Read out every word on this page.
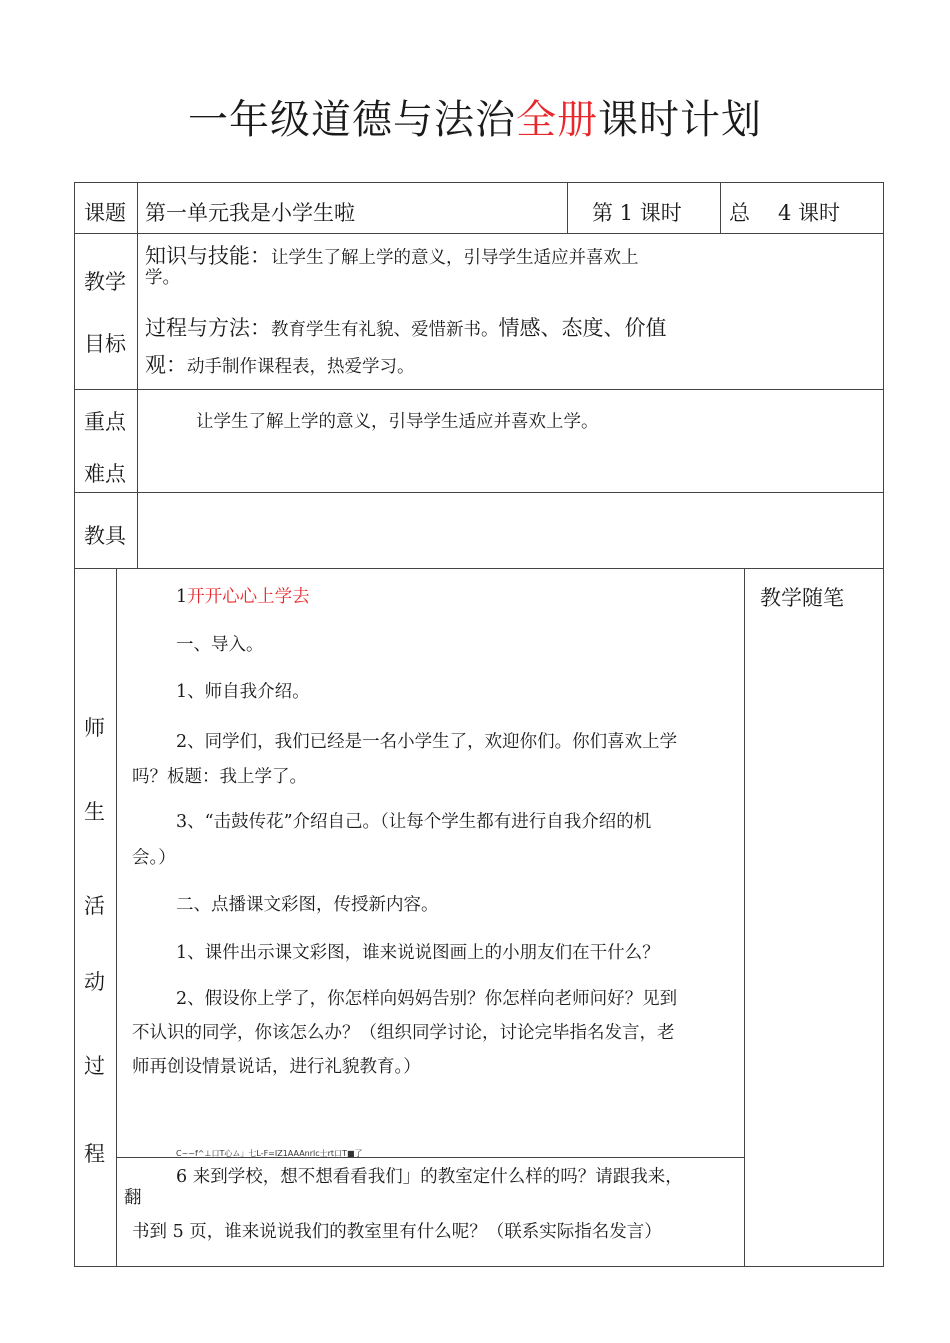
一年级道德与法治全册课时计划
课题 第一单元我是小学生啦	第 1 课时 总 4 课时
教学
目标
知识与技能：让学生了解上学的意义，引导学生适应并喜欢上
学。
过程与方法：教育学生有礼貌、爱惜新书。情感、态度、价值
观：动手制作课程表，热爱学习。
重点
难点
让学生了解上学的意义，引导学生适应并喜欢上学。
教具
师
生
活
动
过
程
教学随笔
1开开心心上学去
一、导入。
1、师自我介绍。
2、同学们，我们已经是一名小学生了，欢迎你们。你们喜欢上学
吗？板题：我上学了。
3、“击鼓传花”介绍自己。（让每个学生都有进行自我介绍的机
会。）
二、点播课文彩图，传授新内容。
1、课件出示课文彩图，谁来说说图画上的小朋友们在干什么？
2、假设你上学了，你怎样向妈妈告别？你怎样向老师问好？见到
不认识的同学，你该怎么办？（组织同学讨论，讨论完毕指名发言，老
师再创设情景说话，进行礼貌教育。）
C~~f^⊥口T心ム」七L-F=IZ1AAAnrlc士rt口T■了
6 来到学校，想不想看看我们」的教室定什么样的吗？请跟我来，
翻
书到 5 页，谁来说说我们的教室里有什么呢？（联系实际指名发言）
